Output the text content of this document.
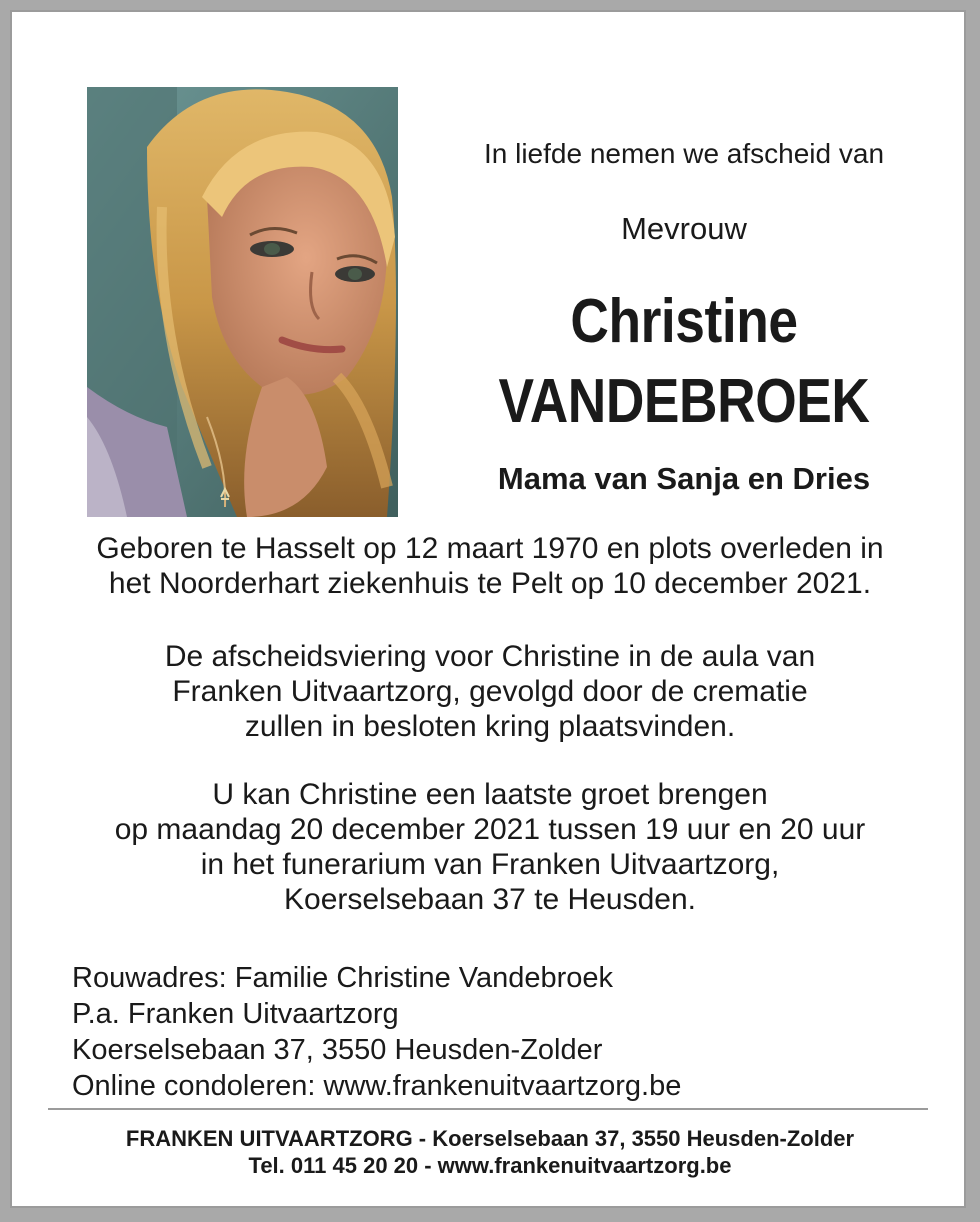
In liefde nemen we afscheid van
Mevrouw
Christine
VANDEBROEK
Mama van Sanja en Dries
Geboren te Hasselt op 12 maart 1970 en plots overleden in
het Noorderhart ziekenhuis te Pelt op 10 december 2021.
De afscheidsviering voor Christine in de aula van
Franken Uitvaartzorg, gevolgd door de crematie
zullen in besloten kring plaatsvinden.
U kan Christine een laatste groet brengen
op maandag 20 december 2021 tussen 19 uur en 20 uur
in het funerarium van Franken Uitvaartzorg,
Koerselsebaan 37 te Heusden.
Rouwadres: Familie Christine Vandebroek
P.a. Franken Uitvaartzorg
Koerselsebaan 37, 3550 Heusden-Zolder
Online condoleren: www.frankenuitvaartzorg.be
FRANKEN UITVAARTZORG - Koerselsebaan 37, 3550 Heusden-Zolder
Tel. 011 45 20 20 - www.frankenuitvaartzorg.be
